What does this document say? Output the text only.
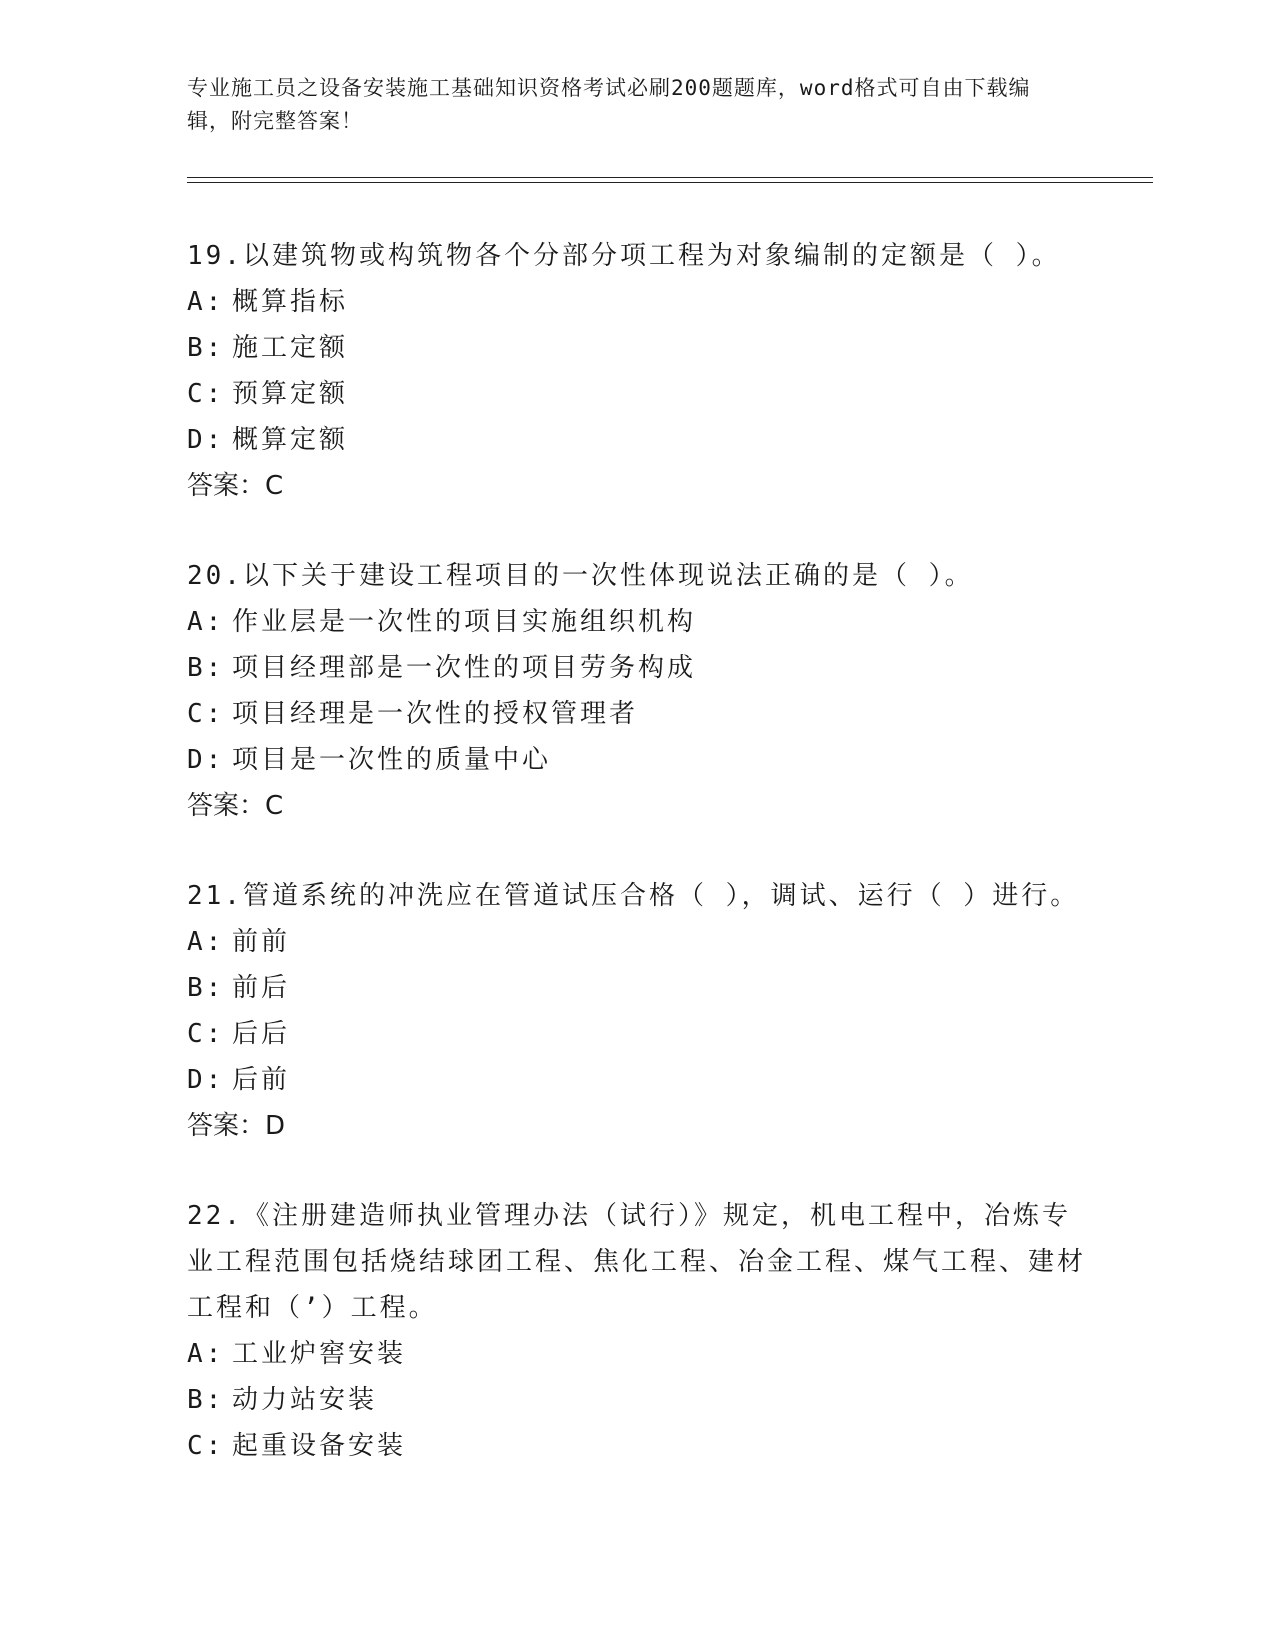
专业施工员之设备安装施工基础知识资格考试必刷200题题库，word格式可自由下载编辑，附完整答案！
19.以建筑物或构筑物各个分部分项工程为对象编制的定额是（ ）。
A: 概算指标
B: 施工定额
C: 预算定额
D: 概算定额
答案：C
20.以下关于建设工程项目的一次性体现说法正确的是（ ）。
A: 作业层是一次性的项目实施组织机构
B: 项目经理部是一次性的项目劳务构成
C: 项目经理是一次性的授权管理者
D: 项目是一次性的质量中心
答案：C
21.管道系统的冲洗应在管道试压合格（ ），调试、运行（ ）进行。
A: 前前
B: 前后
C: 后后
D: 后前
答案：D
22.《注册建造师执业管理办法（试行）》规定，机电工程中，冶炼专业工程范围包括烧结球团工程、焦化工程、冶金工程、煤气工程、建材工程和（’）工程。
A: 工业炉窖安装
B: 动力站安装
C: 起重设备安装
